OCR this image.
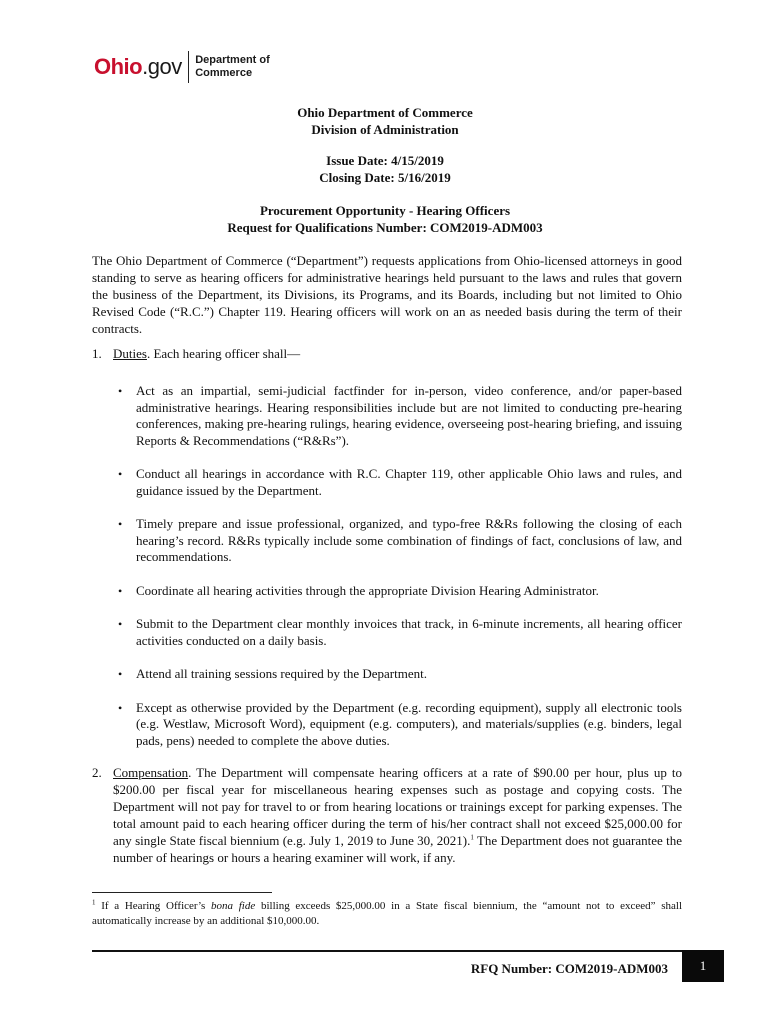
Ohio .gov Department of
Commerce
Ohio Department of Commerce
Division of Administration
Issue Date: 4/15/2019
Closing Date: 5/16/2019
Procurement Opportunity - Hearing Officers
Request for Qualifications Number: COM2019-ADM003
The Ohio Department of Commerce (“Department”) requests applications from Ohio-licensed attorneys in good standing to serve as hearing officers for administrative hearings held pursuant to the laws and rules that govern the business of the Department, its Divisions, its Programs, and its Boards, including but not limited to Ohio Revised Code (“R.C.”) Chapter 119. Hearing officers will work on an as needed basis during the term of their contracts.
1. Duties. Each hearing officer shall—
• Act as an impartial, semi-judicial factfinder for in-person, video conference, and/or paper-based administrative hearings. Hearing responsibilities include but are not limited to conducting pre-hearing conferences, making pre-hearing rulings, hearing evidence, overseeing post-hearing briefing, and issuing Reports & Recommendations (“R&Rs”).
• Conduct all hearings in accordance with R.C. Chapter 119, other applicable Ohio laws and rules, and guidance issued by the Department.
• Timely prepare and issue professional, organized, and typo-free R&Rs following the closing of each hearing’s record. R&Rs typically include some combination of findings of fact, conclusions of law, and recommendations.
• Coordinate all hearing activities through the appropriate Division Hearing Administrator.
• Submit to the Department clear monthly invoices that track, in 6-minute increments, all hearing officer activities conducted on a daily basis.
• Attend all training sessions required by the Department.
• Except as otherwise provided by the Department (e.g. recording equipment), supply all electronic tools (e.g. Westlaw, Microsoft Word), equipment (e.g. computers), and materials/supplies (e.g. binders, legal pads, pens) needed to complete the above duties.
2. Compensation. The Department will compensate hearing officers at a rate of $90.00 per hour, plus up to $200.00 per fiscal year for miscellaneous hearing expenses such as postage and copying costs. The Department will not pay for travel to or from hearing locations or trainings except for parking expenses. The total amount paid to each hearing officer during the term of his/her contract shall not exceed $25,000.00 for any single State fiscal biennium (e.g. July 1, 2019 to June 30, 2021).$^1$ The Department does not guarantee the number of hearings or hours a hearing examiner will work, if any.
$^1$ If a Hearing Officer’s bona fide billing exceeds $25,000.00 in a State fiscal biennium, the “amount not to exceed” shall automatically increase by an additional $10,000.00.
RFQ Number: COM2019-ADM003 1
